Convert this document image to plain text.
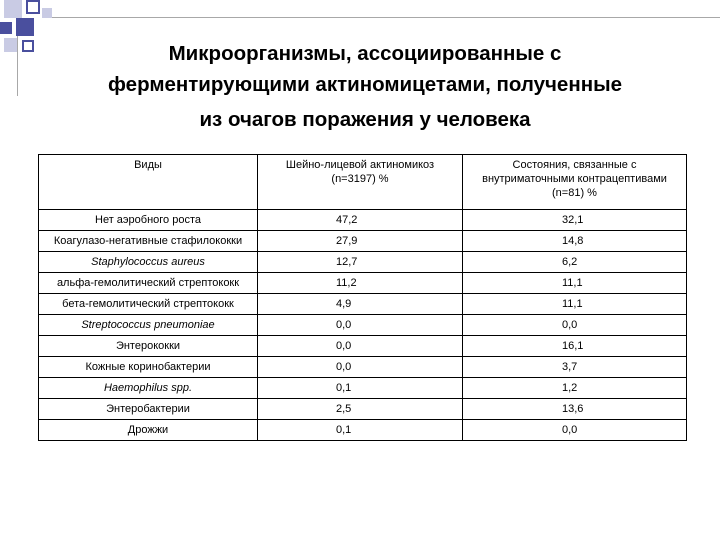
Микроорганизмы, ассоциированные с
ферментирующими актиномицетами, полученные
из очагов поражения у человека
Виды	Шейно-лицевой актиномикоз (n=3197) %	Состояния, связанные с внутриматочными контрацептивами (n=81) %
Нет аэробного роста	47,2	32,1
Коагулазо-негативные стафилококки	27,9	14,8
Staphylococcus aureus	12,7	6,2
альфа-гемолитический стрептококк	11,2	11,1
бета-гемолитический стрептококк	4,9	11,1
Streptococcus pneumoniae	0,0	0,0
Энтерококки	0,0	16,1
Кожные коринобактерии	0,0	3,7
Haemophilus spp.	0,1	1,2
Энтеробактерии	2,5	13,6
Дрожжи	0,1	0,0
